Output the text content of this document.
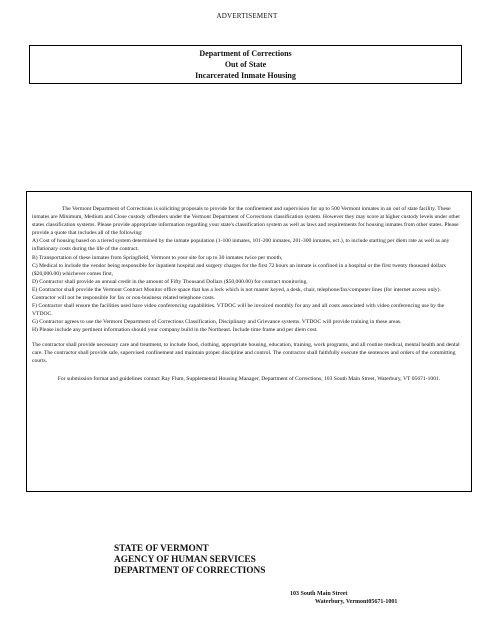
ADVERTISEMENT
Department of Corrections
Out of State
Incarcerated Inmate Housing

The Vermont Department of Corrections is soliciting proposals to provide for the confinement and supervision for up to 500 Vermont inmates in an out of state facility. These inmates are Minimum, Medium and Close custody offenders under the Vermont Department of Corrections classification system. However they may score at higher custody levels under other states classification systems. Please provide appropriate information regarding your state's classification system as well as laws and requirements for housing inmates from other states. Please provide a quote that includes all of the following:

A) Cost of housing based on a tiered system determined by the inmate population (1-100 inmates, 101-200 inmates, 201-300 inmates, ect.), to include starting per diem rate as well as any inflationary costs during the life of the contract.

B) Transportation of these inmates from Springfield, Vermont to your site for up to 30 inmates twice per month,

C) Medical to include the vendor being responsible for inpatient hospital and surgery charges for the first 72 hours an inmate is confined in a hospital or the first twenty thousand dollars ($20,000.00) whichever comes first,

D) Contractor shall provide an annual credit in the amount of Fifty Thousand Dollars ($50,000.00) for contract monitoring.

E) Contractor shall provide the Vermont Contract Monitor office space that has a lock which is not master keyed, a desk, chair, telephone/fax/computer lines (for internet access only). Contractor will not be responsible for fax or non-business related telephone costs.

F) Contractor shall ensure the facilities used have video conferencing capabilities. VTDOC will be invoiced monthly for any and all costs associated with video conferencing use by the VTDOC.

G) Contractor agrees to use the Vermont Department of Corrections Classification, Disciplinary and Grievance systems. VTDOC will provide training in these areas.

H) Please include any pertinent information should your company build in the Northeast. Include time frame and per diem cost.

The contractor shall provide necessary care and treatment, to include food, clothing, appropriate housing, education, training, work programs, and all routine medical, mental health and dental care. The contractor shall provide safe, supervised confinement and maintain proper discipline and control. The contractor shall faithfully execute the sentences and orders of the committing courts.

For submission format and guidelines contact Ray Flum, Supplemental Housing Manager, Department of Corrections, 103 South Main Street, Waterbury, VT 05671-1001.

STATE OF VERMONT
AGENCY OF HUMAN SERVICES
DEPARTMENT OF CORRECTIONS
103 South Main Street
Waterbury, Vermont05671-1001
